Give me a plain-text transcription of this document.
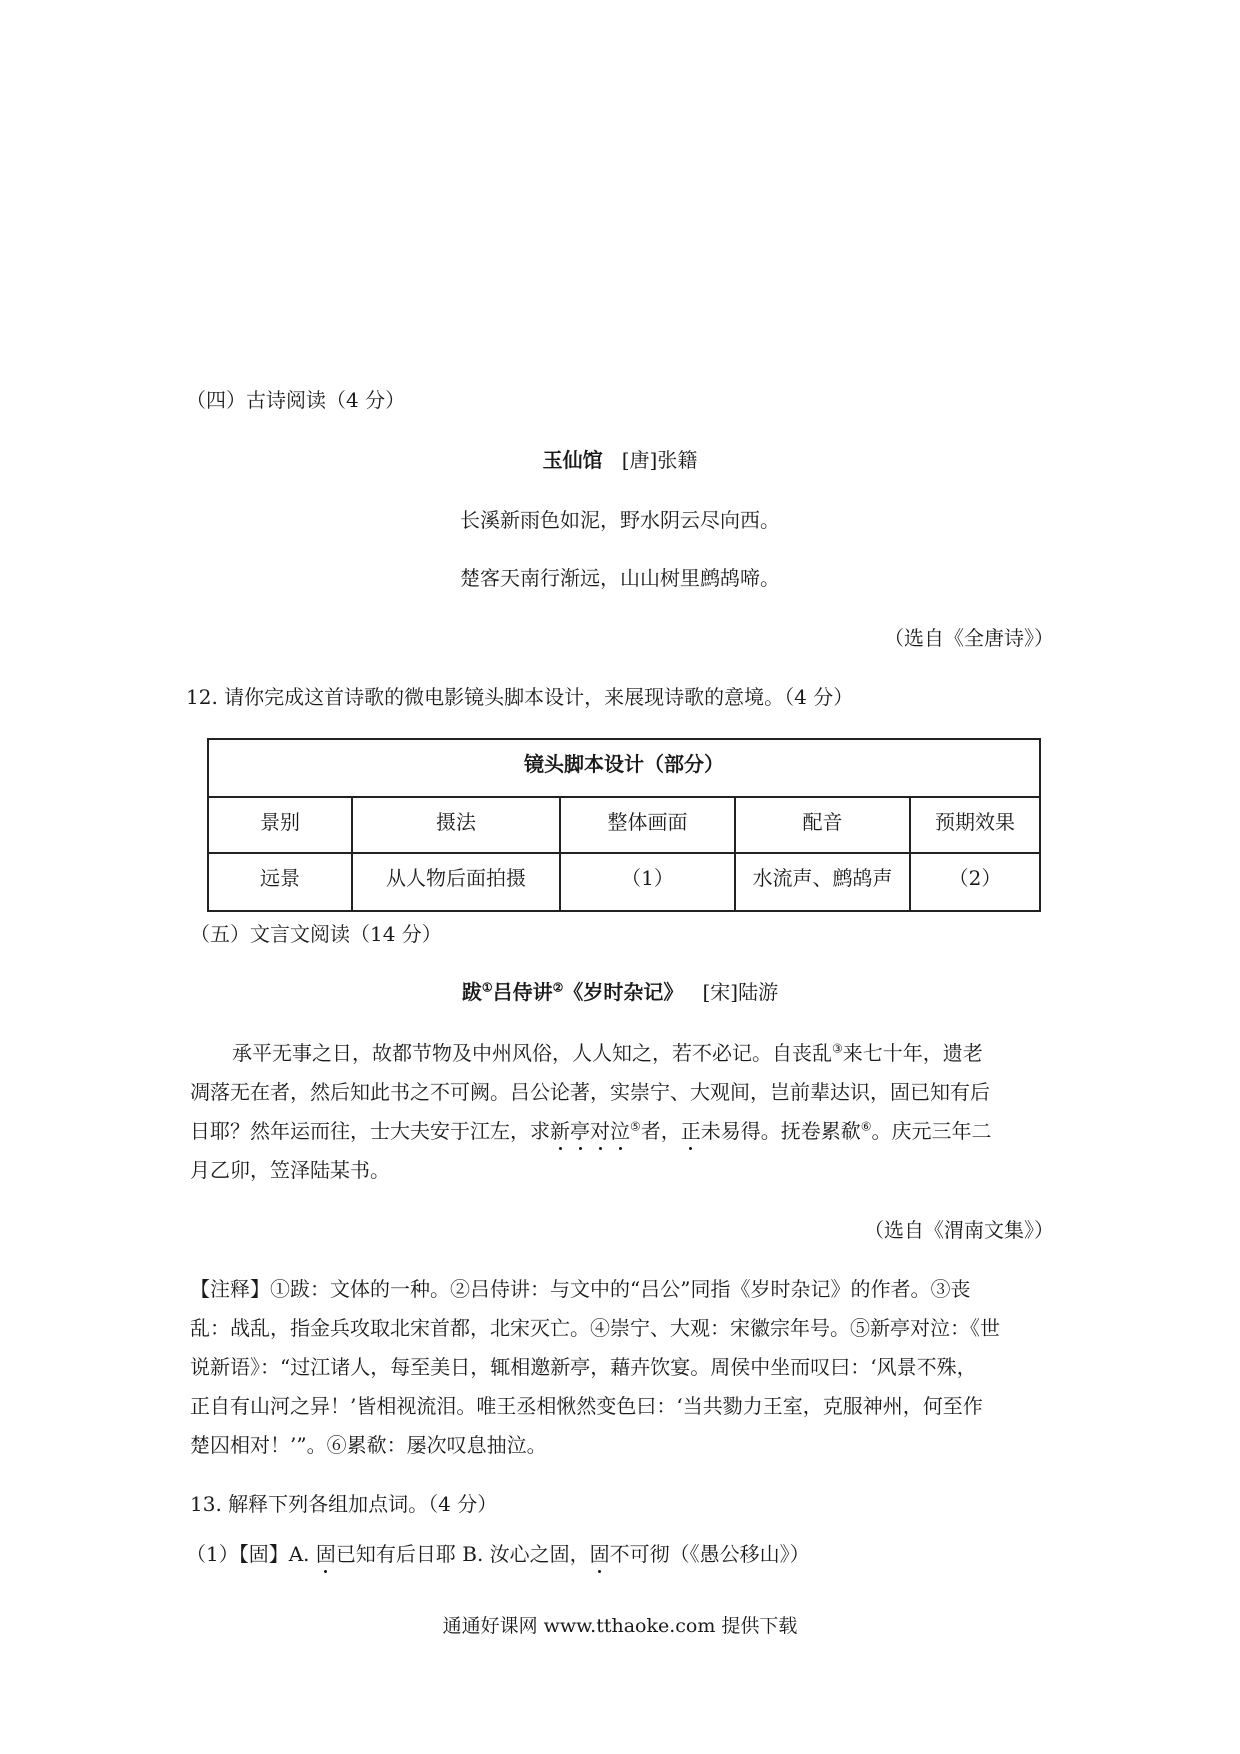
（四）古诗阅读（4 分）
玉仙馆 [唐]张籍
长溪新雨色如泥，野水阴云尽向西。
楚客天南行渐远，山山树里鹧鸪啼。
（选自《全唐诗》）
12. 请你完成这首诗歌的微电影镜头脚本设计，来展现诗歌的意境。（4 分）
镜头脚本设计（部分）				
景别	摄法	整体画面	配音	预期效果
远景	从人物后面拍摄	（1）	水流声、鹧鸪声	（2）
（五）文言文阅读（14 分）
跋①吕侍讲②《岁时杂记》 [宋]陆游
承平无事之日，故都节物及中州风俗，人人知之，若不必记。自丧乱③来七十年，遗老
凋落无在者，然后知此书之不可阙。吕公论著，实崇宁、大观间，岂前辈达识，固已知有后
日耶？然年运而往，士大夫安于江左，求新亭对泣⑤者，正未易得。抚卷累欷⑥。庆元三年二
月乙卯，笠泽陆某书。
（选自《渭南文集》）
【注释】①跋：文体的一种。②吕侍讲：与文中的“吕公”同指《岁时杂记》的作者。③丧
乱：战乱，指金兵攻取北宋首都，北宋灭亡。④崇宁、大观：宋徽宗年号。⑤新亭对泣：《世
说新语》：“过江诸人，每至美日，辄相邀新亭，藉卉饮宴。周侯中坐而叹曰：‘风景不殊，
正自有山河之异！’皆相视流泪。唯王丞相愀然变色曰：‘当共勠力王室，克服神州，何至作
楚囚相对！’”。⑥累欷：屡次叹息抽泣。
13. 解释下列各组加点词。（4 分）
（1）【固】A. 固已知有后日耶 B. 汝心之固，固不可彻（《愚公移山》）
通通好课网 www.tthaoke.com 提供下载
